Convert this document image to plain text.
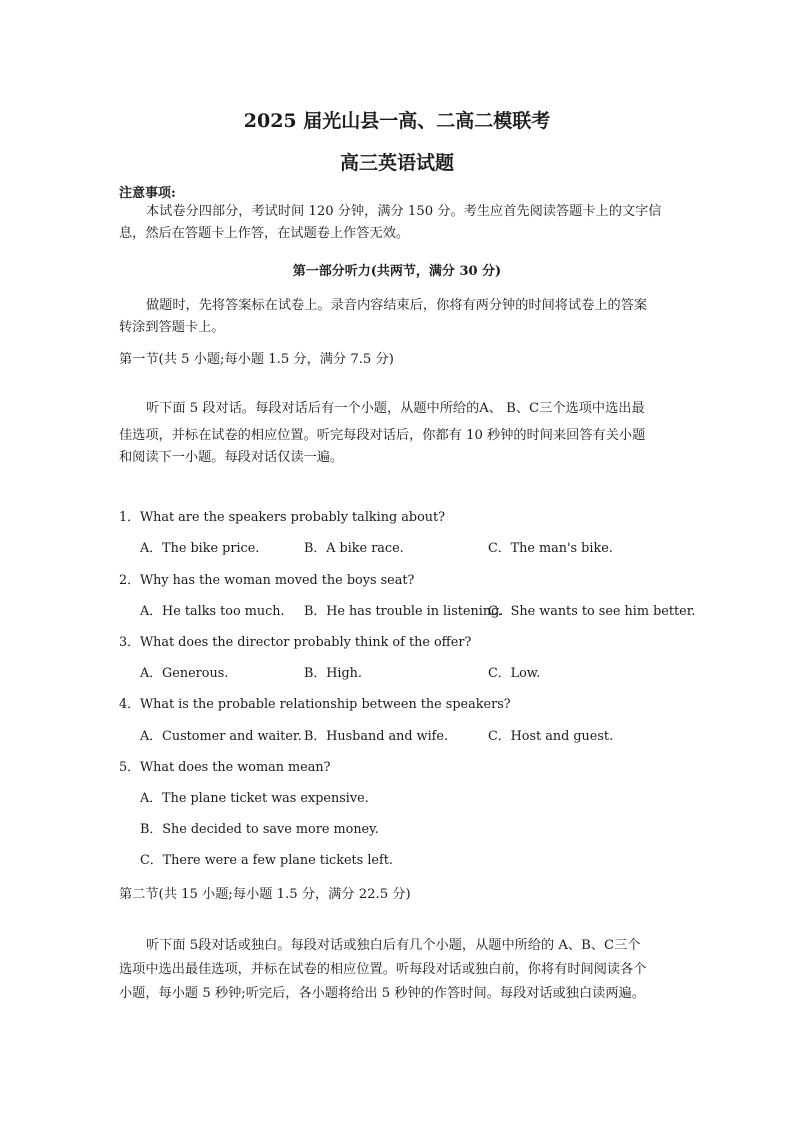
2025 届光山县一高、二高二模联考
高三英语试题
注意事项:
本试卷分四部分，考试时间 120 分钟，满分 150 分。考生应首先阅读答题卡上的文字信
息，然后在答题卡上作答，在试题卷上作答无效。
第一部分听力(共两节，满分 30 分)
做题时，先将答案标在试卷上。录音内容结束后，你将有两分钟的时间将试卷上的答案
转涂到答题卡上。
第一节(共 5 小题;每小题 1.5 分，满分 7.5 分)
听下面 5 段对话。每段对话后有一个小题，从题中所给的A、 B、C三个选项中选出最
佳选项，并标在试卷的相应位置。听完每段对话后，你都有 10 秒钟的时间来回答有关小题
和阅读下一小题。每段对话仅读一遍。
1．What are the speakers probably talking about?
A．The bike price.	B．A bike race.	C．The man's bike.
2．Why has the woman moved the boys seat?
A．He talks too much. B．He has trouble in listening.
C．She wants to see him better.
3．What does the director probably think of the offer?
A．Generous.	B．High.	C．Low.
4．What is the probable relationship between the speakers?
A．Customer and waiter. B．Husband and wife.	C．Host and guest.
5．What does the woman mean?
A．The plane ticket was expensive.
B．She decided to save more money.
C．There were a few plane tickets left.
第二节(共 15 小题;每小题 1.5 分，满分 22.5 分)
听下面 5段对话或独白。每段对话或独白后有几个小题，从题中所给的 A、B、C三个
选项中选出最佳选项，并标在试卷的相应位置。听每段对话或独白前，你将有时间阅读各个
小题，每小题 5 秒钟;听完后，各小题将给出 5 秒钟的作答时间。每段对话或独白读两遍。
